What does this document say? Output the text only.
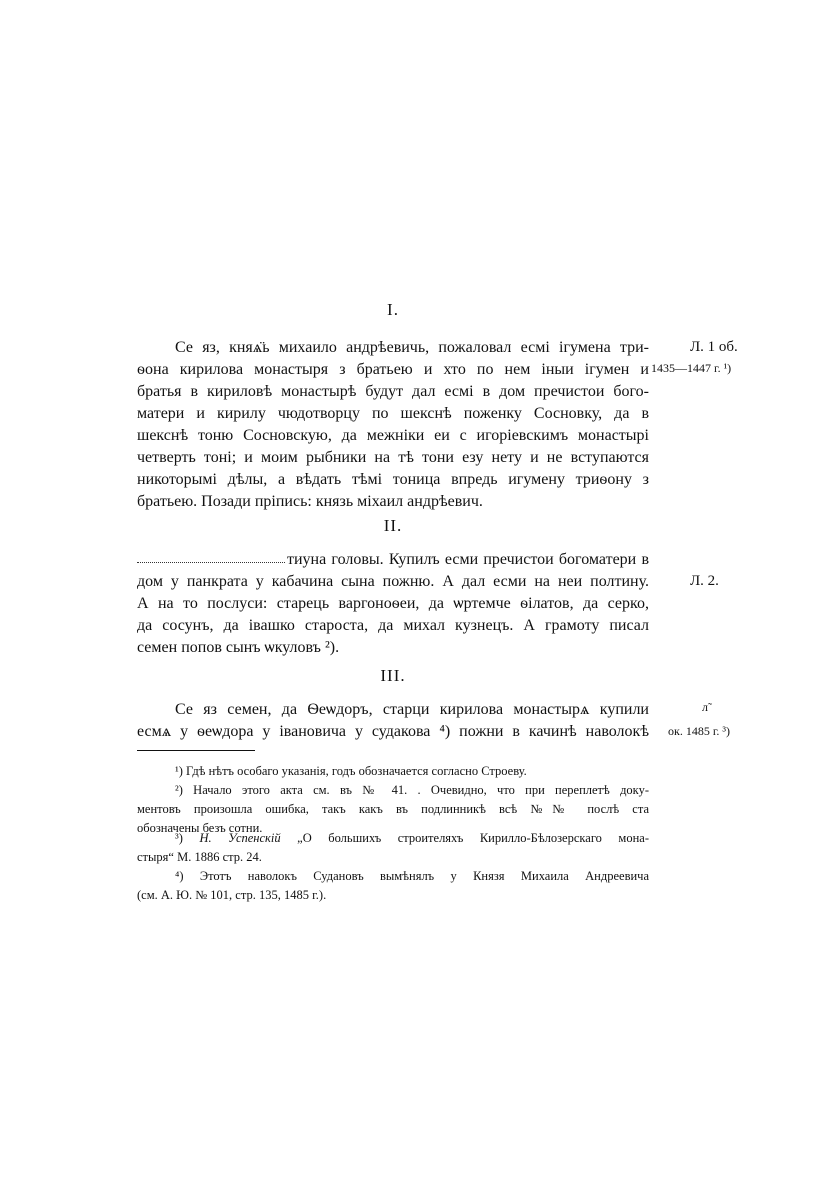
I.
Се яз, княѧ̈ь михаило андрѣевичь, пожаловал есмі ігумена три-
ѳона кирилова монастыря з братьею и хто по нем іныи ігумен и
братья в кириловѣ монастырѣ будут дал есмі в дом пречистои бого-
матери и кирилу чюдотворцу по шекснѣ поженку Сосновку, да в
шекснѣ тоню Сосновскую, да межніки еи с игоріевскимъ монастырі
четверть тоні; и моим рыбники на тѣ тони езу нету и не вступаются
никоторымі дѣлы, а вѣдать тѣмі тоница впредь игумену триѳону з
братьею. Позади пріпись: князь міхаил андрѣевич.
Л. 1 об.
1435—1447 г. ¹)
II.
тиуна головы. Купилъ есми пречистои богоматери в
дом у панкрата у кабачина сына пожню. А дал есми на неи полтину.
А на то послуси: старець варгоноѳеи, да ѡртемче ѳілатов, да серко,
да сосунъ, да івашко староста, да михал кузнецъ. А грамоту писал
семен попов сынъ ѡкуловъ ²).
Л. 2.
III.
Се яз семен, да Ѳеѡдоръ, старци кирилова монастырѧ купили
есмѧ у ѳеѡдора у івановича у судакова ⁴) пожни в качинѣ наволокѣ
л̃
ок. 1485 г. ³)
¹) Гдѣ нѣтъ особаго указанія, годъ обозначается согласно Строеву.
²) Начало этого акта см. въ № 41. . Очевидно, что при переплетѣ доку-
ментовъ произошла ошибка, такъ какъ въ подлинникѣ всѣ №№ послѣ ста
обозначены безъ сотни.
³) Н. Успенскій „О большихъ строителяхъ Кирилло-Бѣлозерскаго мона-
стыря“ М. 1886 стр. 24.
⁴) Этотъ наволокъ Судановъ вымѣнялъ у Князя Михаила Андреевича
(см. А. Ю. № 101, стр. 135, 1485 г.).
